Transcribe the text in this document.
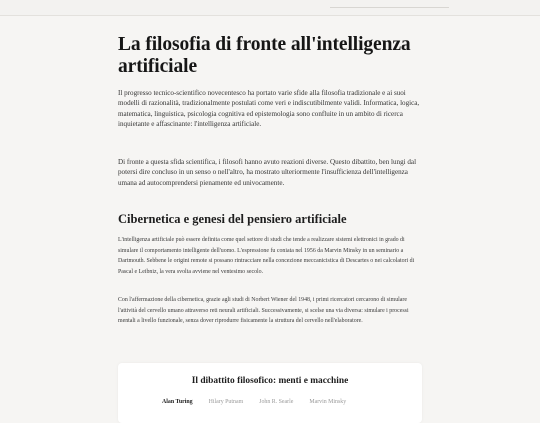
La filosofia di fronte all'intelligenza artificiale

Il progresso tecnico-scientifico novecentesco ha portato varie sfide alla filosofia tradizionale e ai suoi modelli di razionalità, tradizionalmente postulati come veri e indiscutibilmente validi. Informatica, logica, matematica, linguistica, psicologia cognitiva ed epistemologia sono confluite in un ambito di ricerca inquietante e affascinante: l'intelligenza artificiale.

Di fronte a questa sfida scientifica, i filosofi hanno avuto reazioni diverse. Questo dibattito, ben lungi dal potersi dire concluso in un senso o nell'altro, ha mostrato ulteriormente l'insufficienza dell'intelligenza umana ad autocomprendersi pienamente ed univocamente.

Cibernetica e genesi del pensiero artificiale

L'intelligenza artificiale può essere definita come quel settore di studi che tende a realizzare sistemi elettronici in grado di simulare il comportamento intelligente dell'uomo. L'espressione fu coniata nel 1956 da Marvin Minsky in un seminario a Dartmouth. Sebbene le origini remote si possano rintracciare nella concezione meccanicistica di Descartes o nei calcolatori di Pascal e Leibniz, la vera svolta avviene nel ventesimo secolo.

Con l'affermazione della cibernetica, grazie agli studi di Norbert Wiener del 1948, i primi ricercatori cercarono di simulare l'attività del cervello umano attraverso reti neurali artificiali. Successivamente, si scelse una via diversa: simulare i processi mentali a livello funzionale, senza dover riprodurre fisicamente la struttura del cervello nell'elaboratore.

Il dibattito filosofico: menti e macchine
Alan Turing	Hilary Putnam	John R. Searle	Marvin Minsky
